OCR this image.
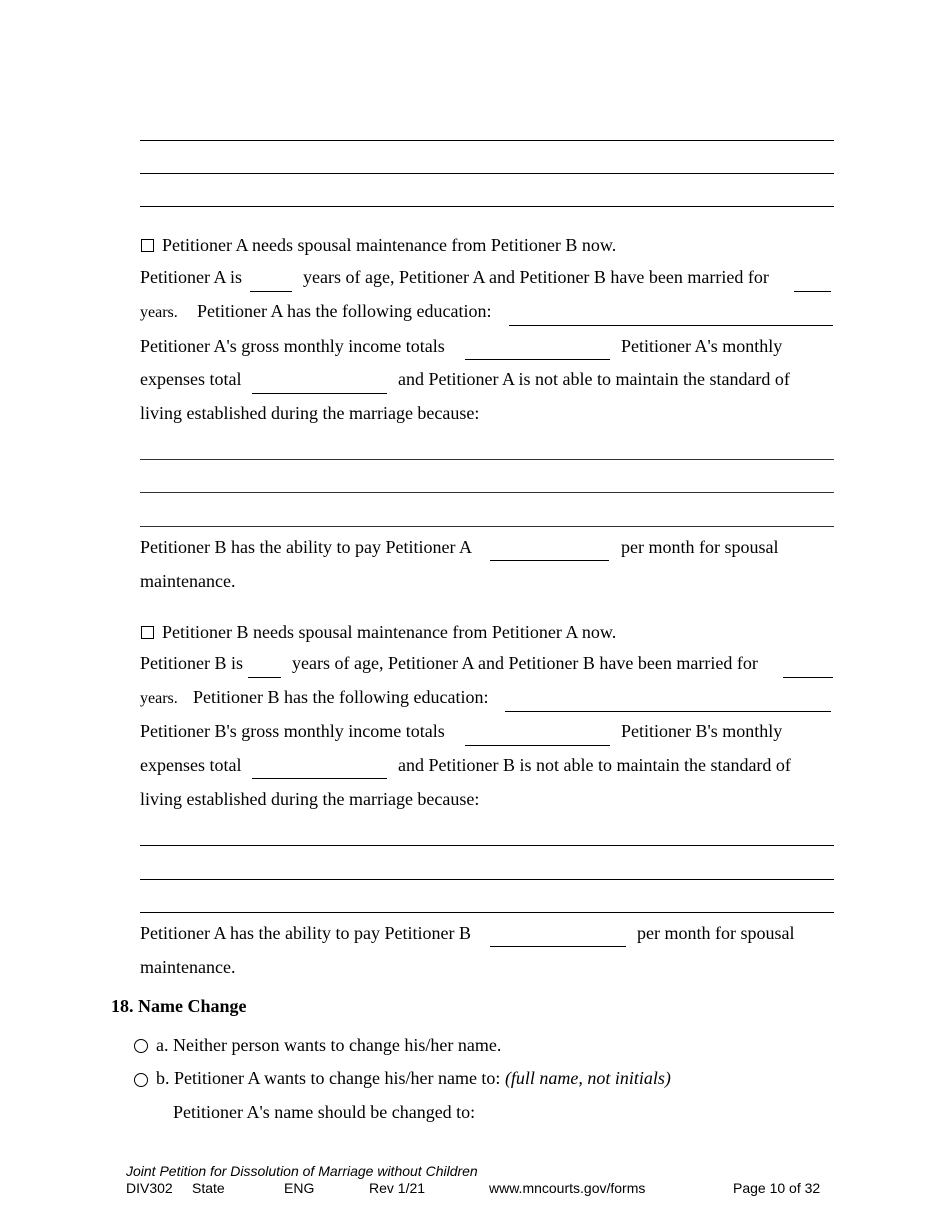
Petitioner A needs spousal maintenance from Petitioner B now.
Petitioner A is	years of age, Petitioner A and Petitioner B have been married for
years. Petitioner A has the following education:
Petitioner A's gross monthly income totals	Petitioner A's monthly
expenses total	and Petitioner A is not able to maintain the standard of
living established during the marriage because:
Petitioner B has the ability to pay Petitioner A	per month for spousal
maintenance.
Petitioner B needs spousal maintenance from Petitioner A now.
Petitioner B is	years of age, Petitioner A and Petitioner B have been married for
years. Petitioner B has the following education:
Petitioner B's gross monthly income totals	Petitioner B's monthly
expenses total	and Petitioner B is not able to maintain the standard of
living established during the marriage because:
Petitioner A has the ability to pay Petitioner B	per month for spousal
maintenance.
18. Name Change
a. Neither person wants to change his/her name.
b. Petitioner A wants to change his/her name to: (full name, not initials)
Petitioner A's name should be changed to:
Joint Petition for Dissolution of Marriage without Children
DIV302 State	ENG	Rev 1/21	www.mncourts.gov/forms	Page 10 of 32
